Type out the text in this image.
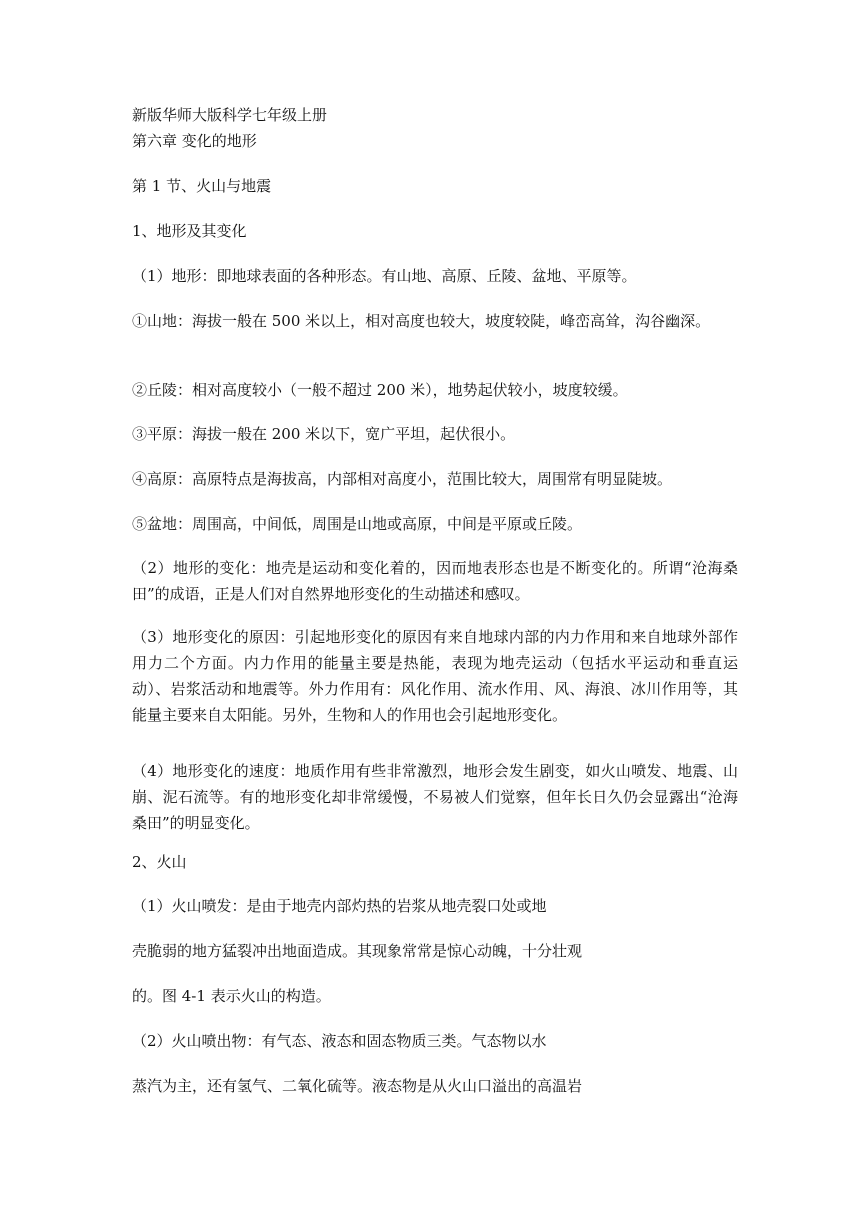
新版华师大版科学七年级上册
第六章 变化的地形
第 1 节、火山与地震
1、地形及其变化
（1）地形：即地球表面的各种形态。有山地、高原、丘陵、盆地、平原等。
①山地：海拔一般在 500 米以上，相对高度也较大，坡度较陡，峰峦高耸，沟谷幽深。
②丘陵：相对高度较小（一般不超过 200 米），地势起伏较小，坡度较缓。
③平原：海拔一般在 200 米以下，宽广平坦，起伏很小。
④高原：高原特点是海拔高，内部相对高度小，范围比较大，周围常有明显陡坡。
⑤盆地：周围高，中间低，周围是山地或高原，中间是平原或丘陵。
（2）地形的变化：地壳是运动和变化着的，因而地表形态也是不断变化的。所谓“沧海桑田”的成语，正是人们对自然界地形变化的生动描述和感叹。
（3）地形变化的原因：引起地形变化的原因有来自地球内部的内力作用和来自地球外部作用力二个方面。内力作用的能量主要是热能，表现为地壳运动（包括水平运动和垂直运动）、岩浆活动和地震等。外力作用有：风化作用、流水作用、风、海浪、冰川作用等，其能量主要来自太阳能。另外，生物和人的作用也会引起地形变化。
（4）地形变化的速度：地质作用有些非常激烈，地形会发生剧变，如火山喷发、地震、山崩、泥石流等。有的地形变化却非常缓慢，不易被人们觉察，但年长日久仍会显露出“沧海桑田”的明显变化。
2、火山
（1）火山喷发：是由于地壳内部灼热的岩浆从地壳裂口处或地
壳脆弱的地方猛裂冲出地面造成。其现象常常是惊心动魄，十分壮观
的。图 4-1 表示火山的构造。
（2）火山喷出物：有气态、液态和固态物质三类。气态物以水
蒸汽为主，还有氢气、二氧化硫等。液态物是从火山口溢出的高温岩
